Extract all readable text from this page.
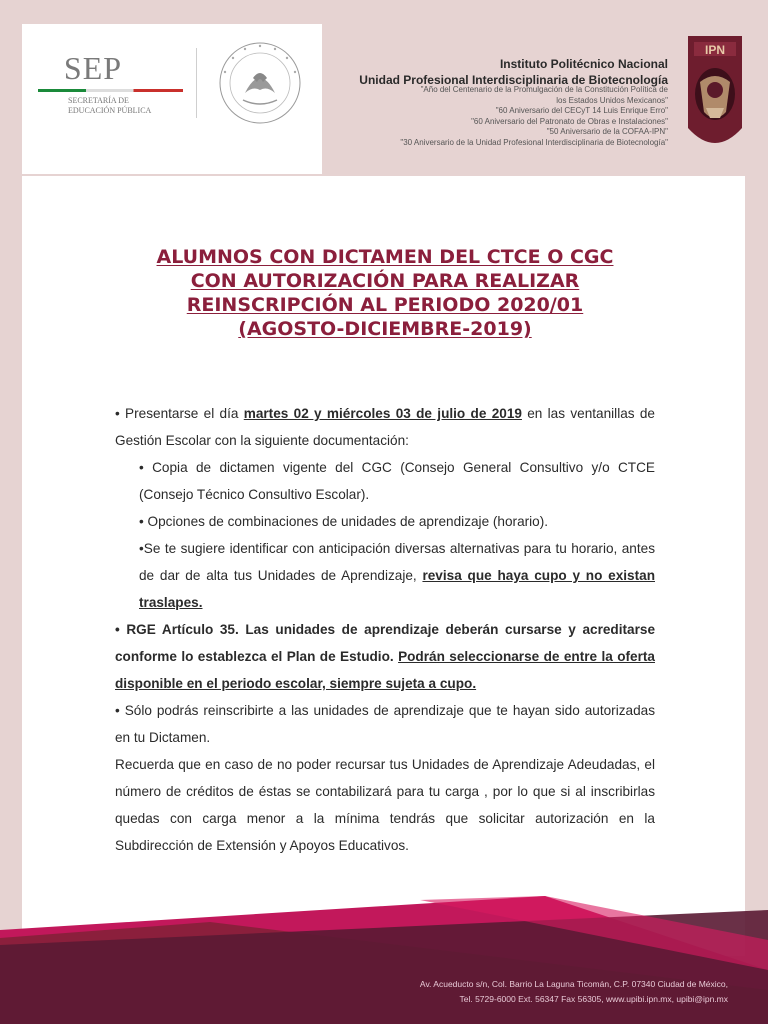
SEP
SECRETARÍA DE
EDUCACIÓN PÚBLICA
Instituto Politécnico Nacional
Unidad Profesional Interdisciplinaria de Biotecnología
"Año del Centenario de la Promulgación de la Constitución Política de
los Estados Unidos Mexicanos"
"60 Aniversario del CECyT 14 Luis Enrique Erro"
"60 Aniversario del Patronato de Obras e Instalaciones"
"50 Aniversario de la COFAA-IPN"
"30 Aniversario de la Unidad Profesional Interdisciplinaria de Biotecnología"
IPN
ALUMNOS CON DICTAMEN DEL CTCE O CGC
CON AUTORIZACIÓN PARA REALIZAR
REINSCRIPCIÓN AL PERIODO 2020/01
(AGOSTO-DICIEMBRE-2019)

• Presentarse el día martes 02 y miércoles 03 de julio de 2019 en las ventanillas de Gestión Escolar con la siguiente documentación:

• Copia de dictamen vigente del CGC (Consejo General Consultivo y/o CTCE (Consejo Técnico Consultivo Escolar).

• Opciones de combinaciones de unidades de aprendizaje (horario).

•Se te sugiere identificar con anticipación diversas alternativas para tu horario, antes de dar de alta tus Unidades de Aprendizaje, revisa que haya cupo y no existan traslapes.

• RGE Artículo 35. Las unidades de aprendizaje deberán cursarse y acreditarse conforme lo establezca el Plan de Estudio. Podrán seleccionarse de entre la oferta disponible en el periodo escolar, siempre sujeta a cupo.

• Sólo podrás reinscribirte a las unidades de aprendizaje que te hayan sido autorizadas en tu Dictamen.

Recuerda que en caso de no poder recursar tus Unidades de Aprendizaje Adeudadas, el número de créditos de éstas se contabilizará para tu carga , por lo que si al inscribirlas quedas con carga menor a la mínima tendrás que solicitar autorización en la Subdirección de Extensión y Apoyos Educativos.

Av. Acueducto s/n, Col. Barrio La Laguna Ticomán, C.P. 07340 Ciudad de México,
Tel. 5729-6000 Ext. 56347 Fax 56305, www.upibi.ipn.mx, upibi@ipn.mx
